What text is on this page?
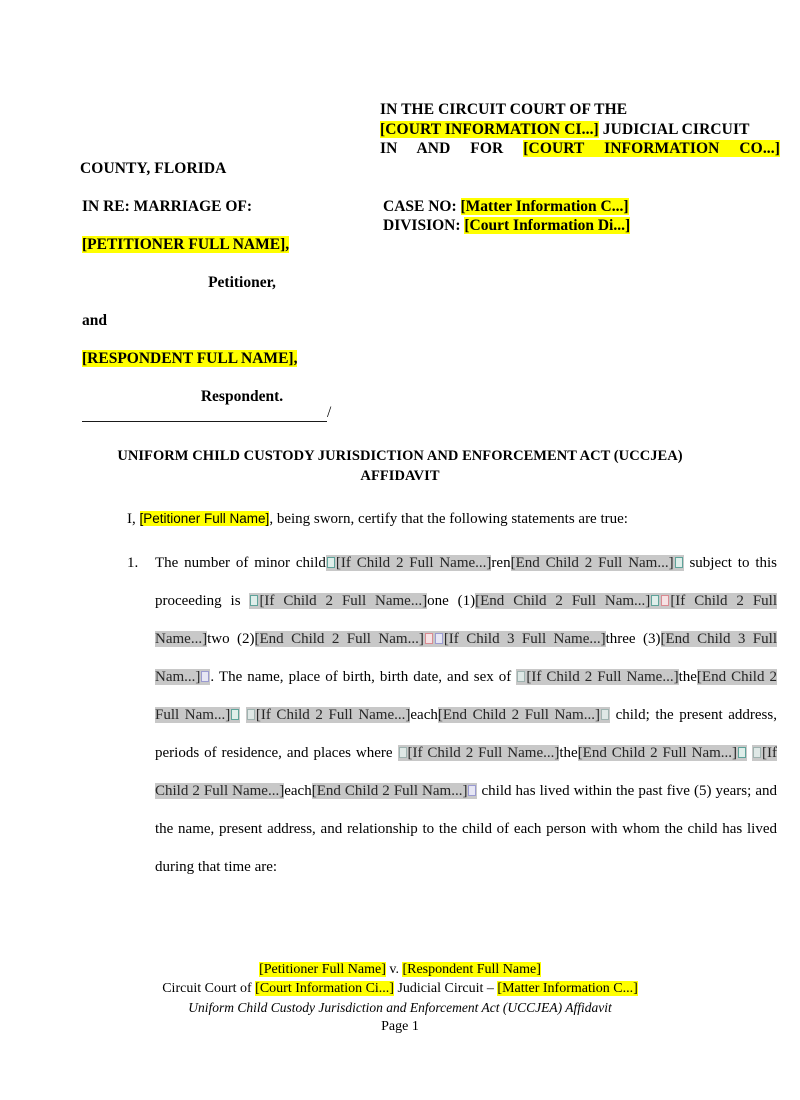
IN THE CIRCUIT COURT OF THE
[COURT INFORMATION CI...] JUDICIAL CIRCUIT
IN AND FOR [COURT INFORMATION CO...]
COUNTY, FLORIDA
IN RE: MARRIAGE OF:
[PETITIONER FULL NAME],
Petitioner,
and
[RESPONDENT FULL NAME],
Respondent.
/
CASE NO: [Matter Information C...]
DIVISION: [Court Information Di...]
UNIFORM CHILD CUSTODY JURISDICTION AND ENFORCEMENT ACT (UCCJEA)
AFFIDAVIT
I, [Petitioner Full Name], being sworn, certify that the following statements are true:
1.	The number of minor child [If Child 2 Full Name...]ren[End Child 2 Full Nam...] subject to this proceeding is [If Child 2 Full Name...]one (1)[End Child 2 Full Nam...] [If Child 2 Full Name...]two (2)[End Child 2 Full Nam...] [If Child 3 Full Name...]three (3)[End Child 3 Full Nam...] . The name, place of birth, birth date, and sex of [If Child 2 Full Name...]the[End Child 2 Full Nam...] [If Child 2 Full Name...]each[End Child 2 Full Nam...] child; the present address, periods of residence, and places where [If Child 2 Full Name...]the[End Child 2 Full Nam...] [If Child 2 Full Name...]each[End Child 2 Full Nam...] child has lived within the past five (5) years; and the name, present address, and relationship to the child of each person with whom the child has lived during that time are:
[Petitioner Full Name] v. [Respondent Full Name]
Circuit Court of [Court Information Ci...] Judicial Circuit – [Matter Information C...]
Uniform Child Custody Jurisdiction and Enforcement Act (UCCJEA) Affidavit
Page 1
